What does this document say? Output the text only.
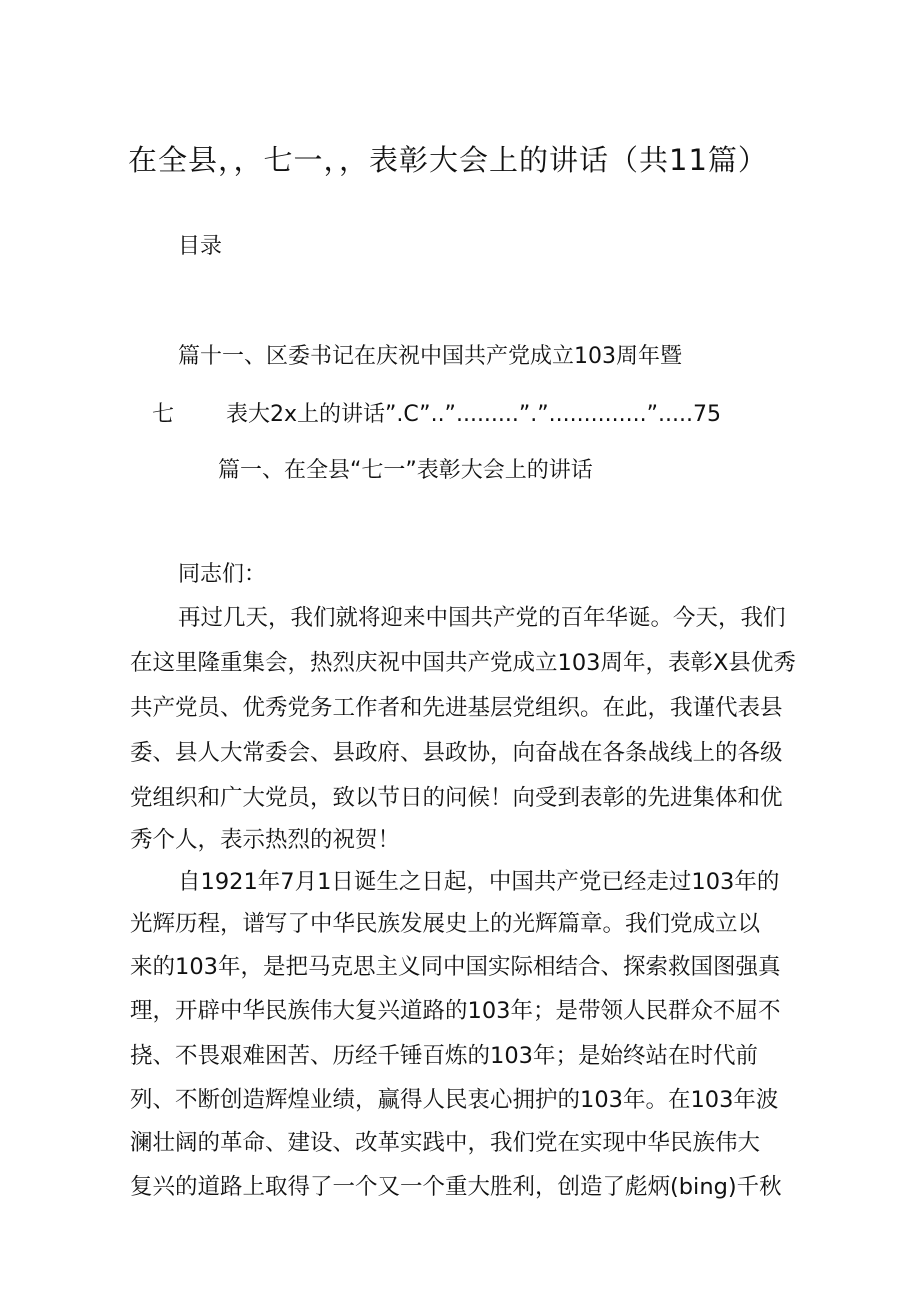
在全县，，七一，，表彰大会上的讲话（共11篇）
目录
篇十一、区委书记在庆祝中国共产党成立103周年暨
七 表大2x上的讲话”.C”..”.........”.”..............”.....75
篇一、在全县“七一”表彰大会上的讲话
同志们：
再过几天，我们就将迎来中国共产党的百年华诞。今天，我们
在这里隆重集会，热烈庆祝中国共产党成立103周年，表彰X县优秀
共产党员、优秀党务工作者和先进基层党组织。在此，我谨代表县
委、县人大常委会、县政府、县政协，向奋战在各条战线上的各级
党组织和广大党员，致以节日的问候！向受到表彰的先进集体和优
秀个人，表示热烈的祝贺！
自1921年7月1日诞生之日起，中国共产党已经走过103年的
光辉历程，谱写了中华民族发展史上的光辉篇章。我们党成立以
来的103年，是把马克思主义同中国实际相结合、探索救国图强真
理，开辟中华民族伟大复兴道路的103年；是带领人民群众不屈不
挠、不畏艰难困苦、历经千锤百炼的103年；是始终站在时代前
列、不断创造辉煌业绩，赢得人民衷心拥护的103年。在103年波
澜壮阔的革命、建设、改革实践中，我们党在实现中华民族伟大
复兴的道路上取得了一个又一个重大胜利，创造了彪炳(bing)千秋
